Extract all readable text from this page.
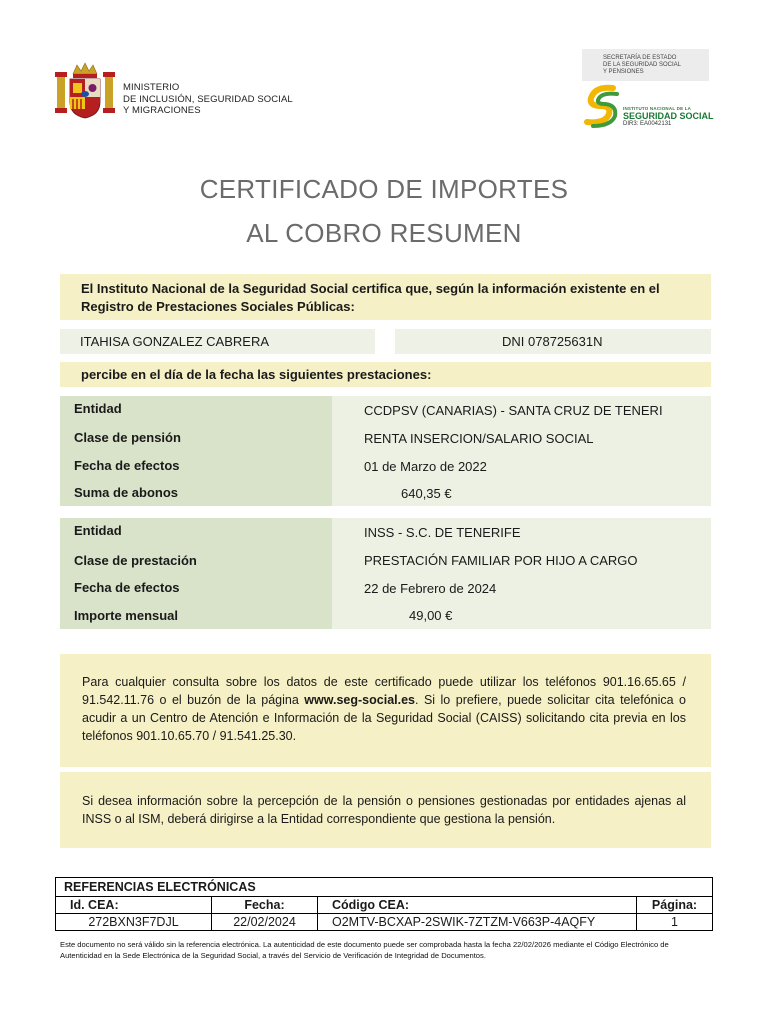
MINISTERIO
DE INCLUSIÓN, SEGURIDAD SOCIAL
Y MIGRACIONES
SECRETARÍA DE ESTADO
DE LA SEGURIDAD SOCIAL
Y PENSIONES
INSTITUTO NACIONAL DE LA
SEGURIDAD SOCIAL
DIR3: EA0042131
CERTIFICADO DE IMPORTES
AL COBRO RESUMEN
El Instituto Nacional de la Seguridad Social certifica que, según la información existente en el Registro de Prestaciones Sociales Públicas:
ITAHISA GONZALEZ CABRERA	DNI 078725631N
percibe en el día de la fecha las siguientes prestaciones:
Entidad	CCDPSV (CANARIAS) - SANTA CRUZ DE TENERI
Clase de pensión	RENTA INSERCION/SALARIO SOCIAL
Fecha de efectos	01 de Marzo de 2022
Suma de abonos	640,35 €
Entidad	INSS - S.C. DE TENERIFE
Clase de prestación	PRESTACIÓN FAMILIAR POR HIJO A CARGO
Fecha de efectos	22 de Febrero de 2024
Importe mensual	49,00 €
Para cualquier consulta sobre los datos de este certificado puede utilizar los teléfonos 901.16.65.65 / 91.542.11.76 o el buzón de la página www.seg-social.es. Si lo prefiere, puede solicitar cita telefónica o acudir a un Centro de Atención e Información de la Seguridad Social (CAISS) solicitando cita previa en los teléfonos 901.10.65.70 / 91.541.25.30.
Si desea información sobre la percepción de la pensión o pensiones gestionadas por entidades ajenas al INSS o al ISM, deberá dirigirse a la Entidad correspondiente que gestiona la pensión.
REFERENCIAS ELECTRÓNICAS			
Id. CEA:	Fecha:	Código CEA:	Página:
272BXN3F7DJL	22/02/2024	O2MTV-BCXAP-2SWIK-7ZTZM-V663P-4AQFY	1
Este documento no será válido sin la referencia electrónica. La autenticidad de este documento puede ser comprobada hasta la fecha 22/02/2026 mediante el Código Electrónico de Autenticidad en la Sede Electrónica de la Seguridad Social, a través del Servicio de Verificación de Integridad de Documentos.
